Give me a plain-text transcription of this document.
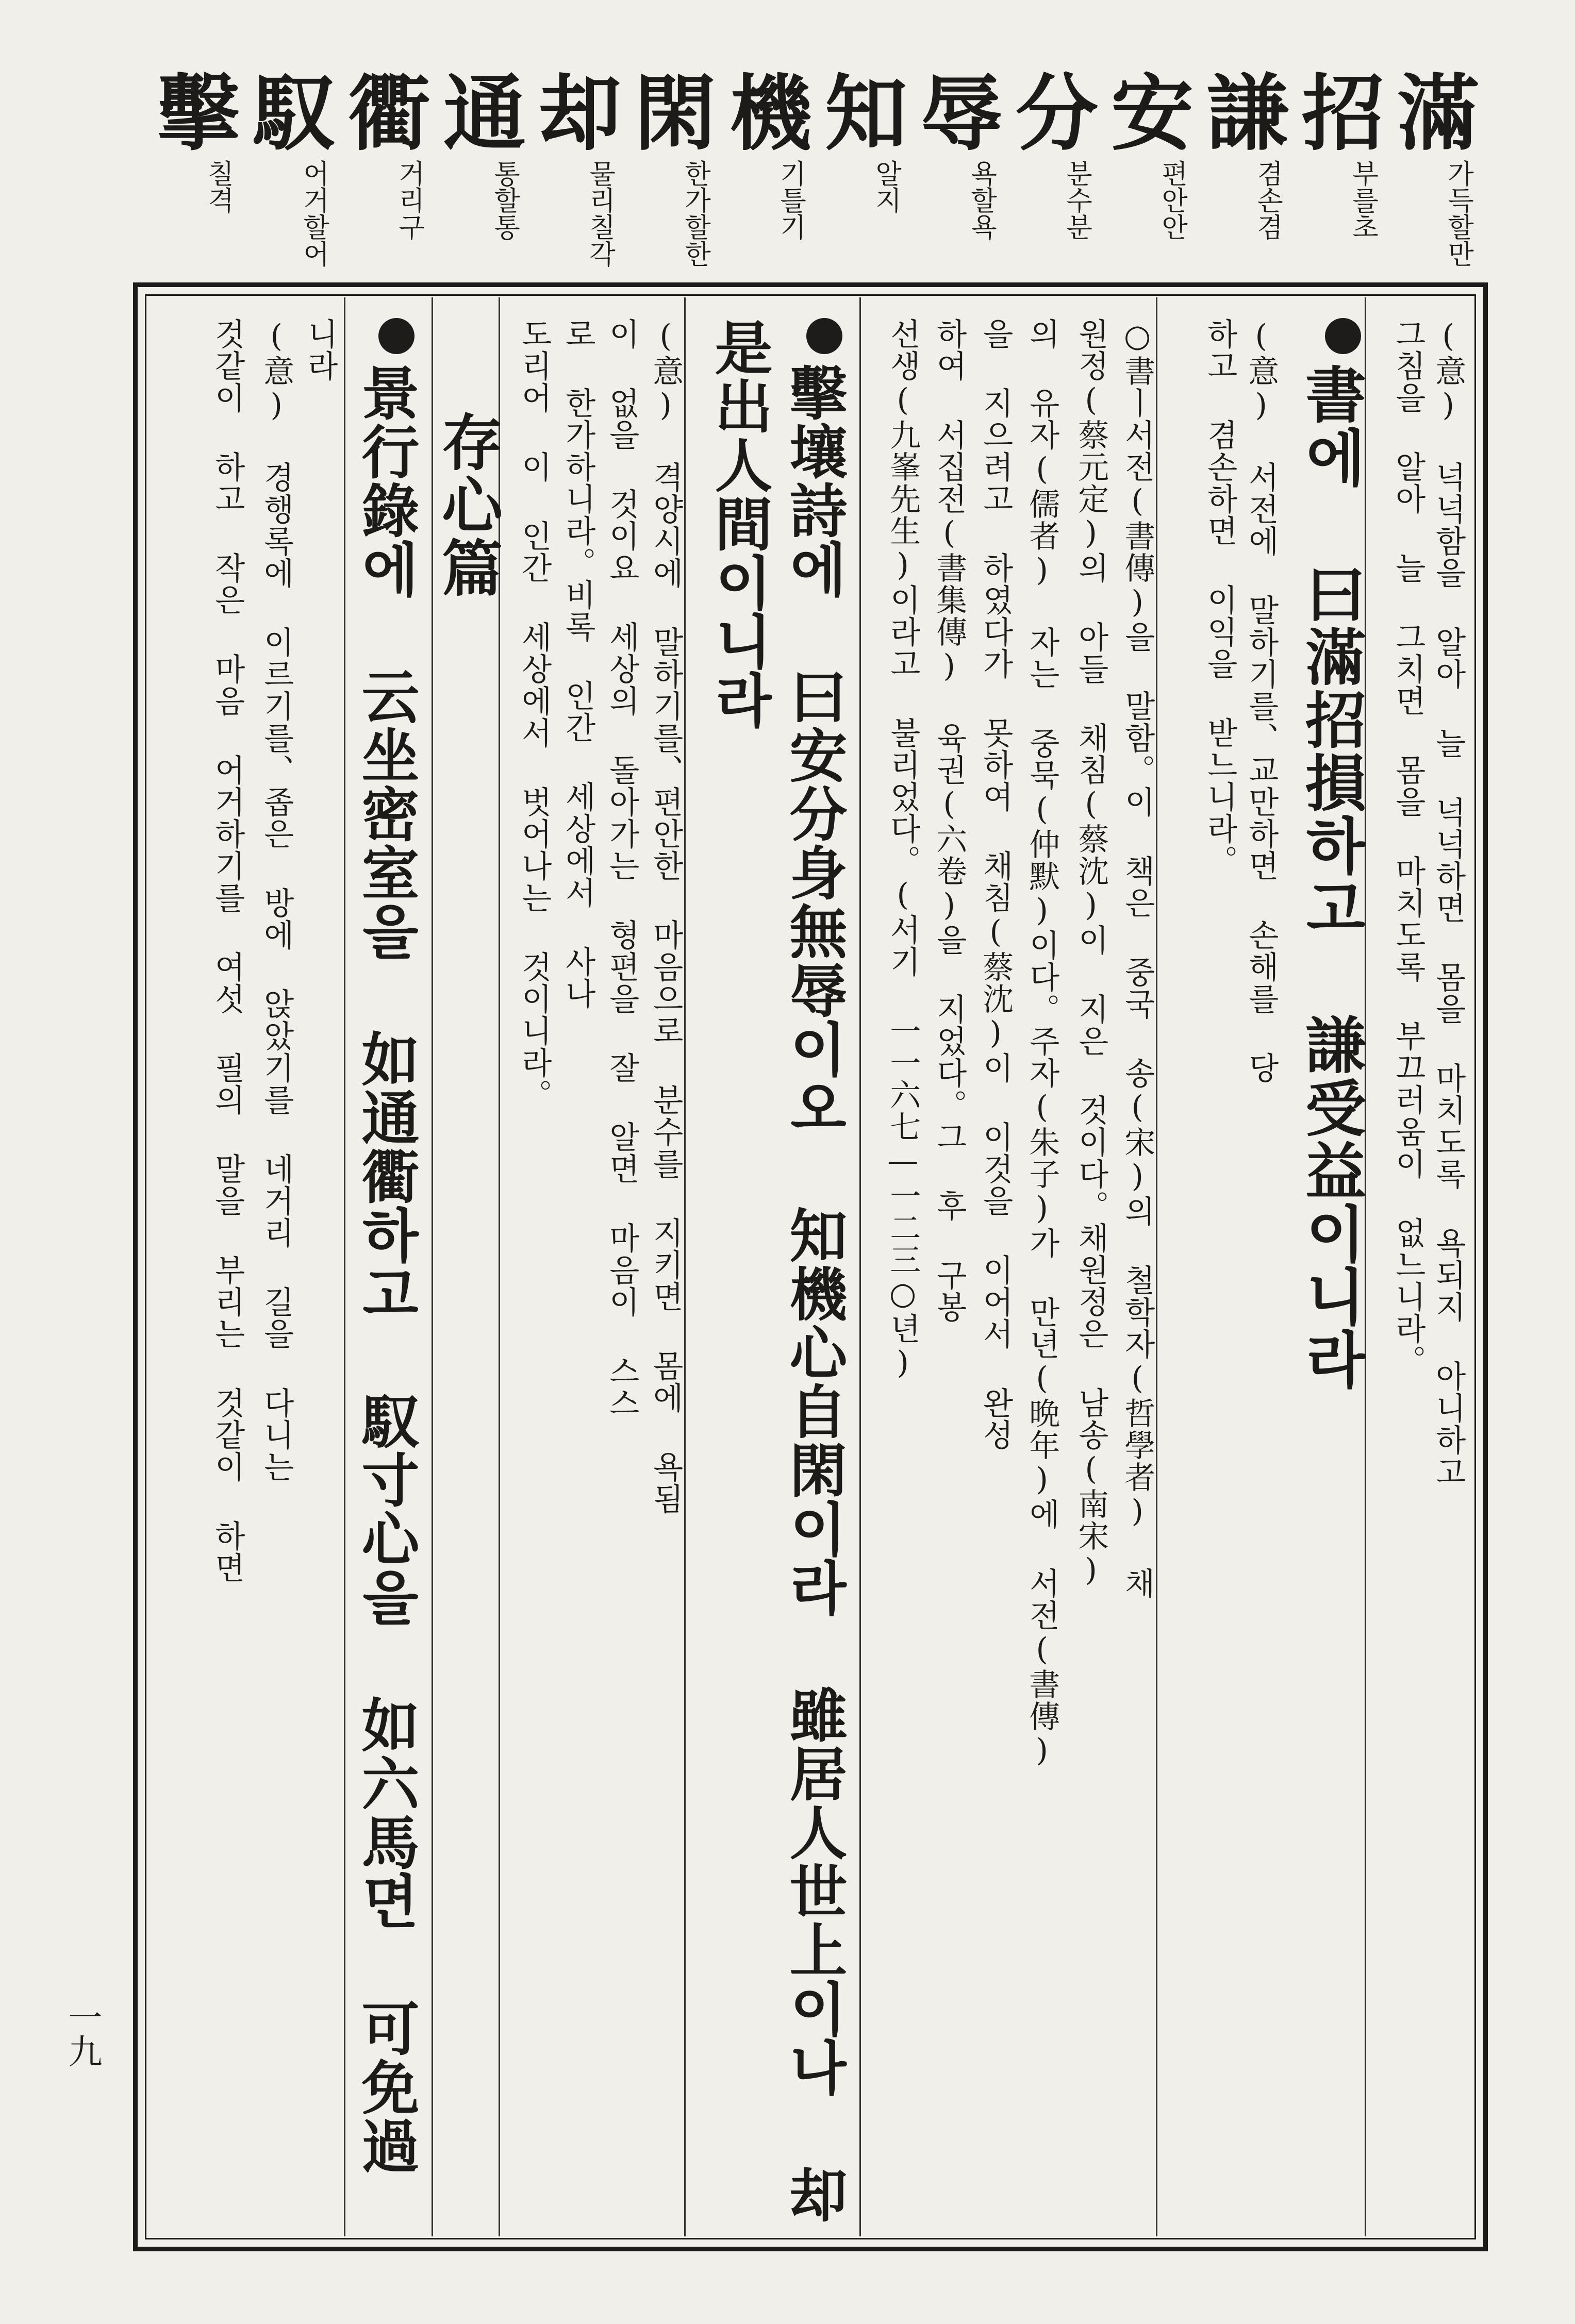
滿
가득할만
招
부를초
謙
겸손겸
安
편안안
分
분수분
辱
욕할욕
知
알지
機
기틀기
閑
한가할한
却
물리칠각
通
통할통
衢
거리구
馭
어거할어
擊
칠격
(意) 넉넉함을 알아 늘 넉넉하면 몸을 마치도록 욕되지 아니하고
그침을 알아 늘 그치면 몸을 마치도록 부끄러움이 없느니라。
書에 曰滿招損하고 謙受益이니라
(意) 서전에 말하기를、교만하면 손해를 당
하고 겸손하면 이익을 받느니라。
○書ㅣ서전(書傳)을 말함。이 책은 중국 송(宋)의 철학자(哲學者) 채
원정(蔡元定)의 아들 채침(蔡沈)이 지은 것이다。채원정은 남송(南宋)
의 유자(儒者) 자는 중묵(仲默)이다。주자(朱子)가 만년(晩年)에 서전(書傳)
을 지으려고 하였다가 못하여 채침(蔡沈)이 이것을 이어서 완성
하여 서집전(書集傳) 육권(六卷)을 지었다。그 후 구봉
선생(九峯先生)이라고 불리었다。(서기 一一六七—一二三○년)
擊壤詩에 曰安分身無辱이오 知機心自閑이라 雖居人世上이나 却
是出人間이니라
(意) 격양시에 말하기를、편안한 마음으로 분수를 지키면 몸에 욕됨
이 없을 것이요 세상의 돌아가는 형편을 잘 알면 마음이 스스
로 한가하니라。비록 인간 세상에서 사나
도리어 이 인간 세상에서 벗어나는 것이니라。
存心篇
景行錄에 云坐密室을 如通衢하고 馭寸心을 如六馬면 可免過
니라
(意) 경행록에 이르기를、좁은 방에 앉았기를 네거리 길을 다니는
것같이 하고 작은 마음 어거하기를 여섯 필의 말을 부리는 것같이 하면
一九
